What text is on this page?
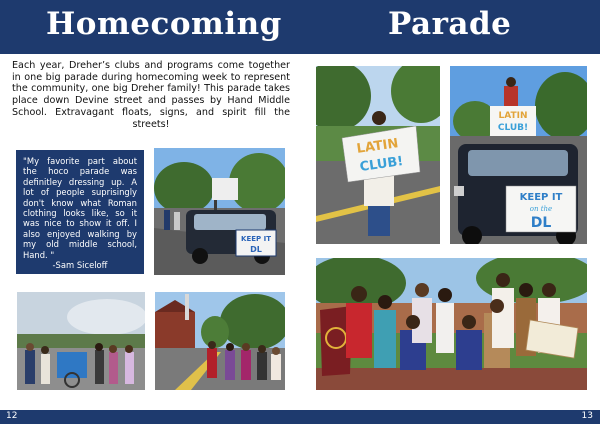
Homecoming	Parade

Each year, Dreher’s clubs and programs come together in one big parade during homecoming week to represent the community, one big Dreher family! This parade takes place down Devine street and passes by Hand Middle School. Extravagant floats, signs, and spirit fill the streets!

"My favorite part about the hoco parade was definitley dressing up. A lot of people suprisingly don't know what Roman clothing looks like, so it was nice to show it off. I also enjoyed walking by my old middle school, Hand. "

-Sam Siceloff

KEEP IT
DL
LATIN
CLUB!
LATIN
CLUB!
KEEP IT
on the
DL
12	13
